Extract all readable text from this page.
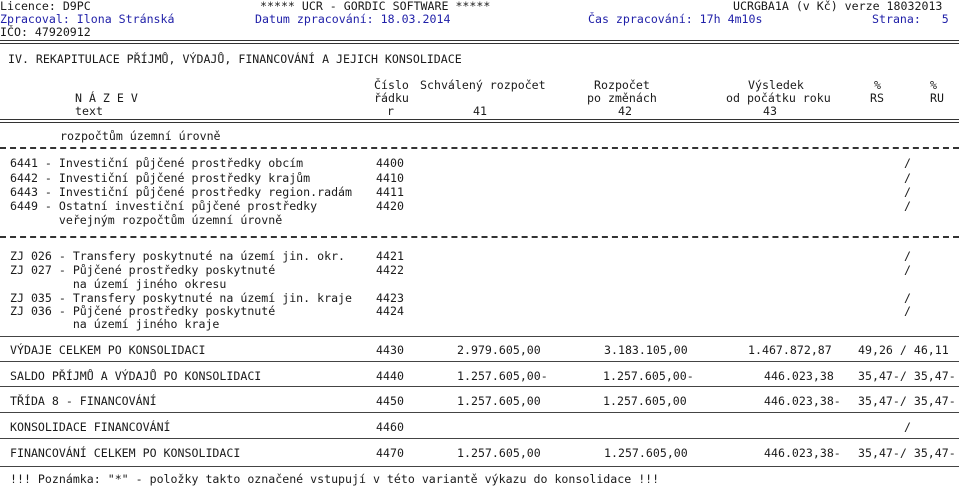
Licence: D9PC	***** UCR - GORDIC SOFTWARE *****	UCRGBA1A (v Kč) verze 18032013
Zpracoval: Ilona Stránská	Datum zpracování: 18.03.2014	Čas zpracování: 17h 4m10s	Strana:   5
IČO: 47920912
IV. REKAPITULACE PŘÍJMŮ, VÝDAJŮ, FINANCOVÁNÍ A JEJICH KONSOLIDACE
Číslo Schválený rozpočet	Rozpočet	Výsledek	%	%
N Á Z E V	řádku	po změnách	od počátku roku	RS	RU
text	r	41	42	43
rozpočtům územní úrovně
6441 - Investiční půjčené prostředky obcím	4400	/
6442 - Investiční půjčené prostředky krajům	4410	/
6443 - Investiční půjčené prostředky region.radám 4411	/
6449 - Ostatní investiční půjčené prostředky	4420	/
veřejným rozpočtům územní úrovně
ZJ 026 - Transfery poskytnuté na území jin. okr.	4421	/
ZJ 027 - Půjčené prostředky poskytnuté	4422	/
na území jiného okresu
ZJ 035 - Transfery poskytnuté na území jin. kraje 4423	/
ZJ 036 - Půjčené prostředky poskytnuté	4424	/
na území jiného kraje
VÝDAJE CELKEM PO KONSOLIDACI	4430	2.979.605,00	3.183.105,00	1.467.872,87 49,26 / 46,11
SALDO PŘÍJMŮ A VÝDAJŮ PO KONSOLIDACI	4440	1.257.605,00-	1.257.605,00-	446.023,38 35,47-/ 35,47-
TŘÍDA 8 - FINANCOVÁNÍ	4450	1.257.605,00	1.257.605,00	446.023,38- 35,47-/ 35,47-
KONSOLIDACE FINANCOVÁNÍ	4460	/
FINANCOVÁNÍ CELKEM PO KONSOLIDACI	4470	1.257.605,00	1.257.605,00	446.023,38- 35,47-/ 35,47-
!!! Poznámka: "*" - položky takto označené vstupují v této variantě výkazu do konsolidace !!!
